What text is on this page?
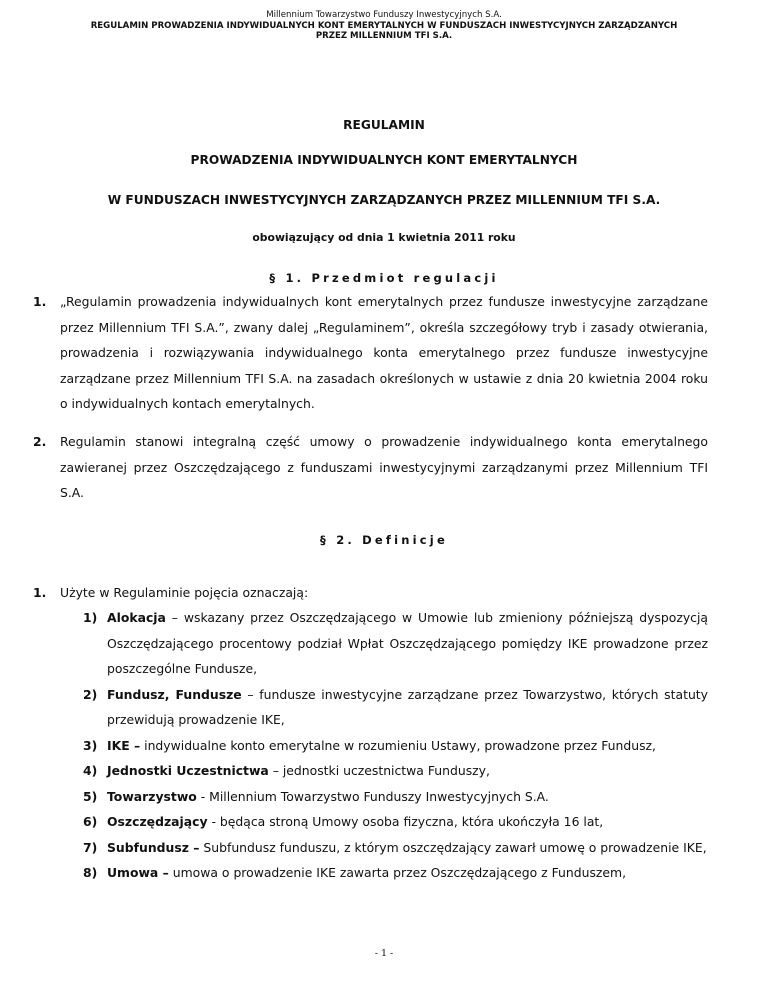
Millennium Towarzystwo Funduszy Inwestycyjnych S.A.
REGULAMIN PROWADZENIA INDYWIDUALNYCH KONT EMERYTALNYCH W FUNDUSZACH INWESTYCYJNYCH ZARZĄDZANYCH
PRZEZ MILLENNIUM TFI S.A.
REGULAMIN
PROWADZENIA INDYWIDUALNYCH KONT EMERYTALNYCH
W FUNDUSZACH INWESTYCYJNYCH ZARZĄDZANYCH PRZEZ MILLENNIUM TFI S.A.
obowiązujący od dnia 1 kwietnia 2011 roku
§ 1. Przedmiot regulacji
1. „Regulamin prowadzenia indywidualnych kont emerytalnych przez fundusze inwestycyjne zarządzane przez Millennium TFI S.A.”, zwany dalej „Regulaminem”, określa szczegółowy tryb i zasady otwierania, prowadzenia i rozwiązywania indywidualnego konta emerytalnego przez fundusze inwestycyjne zarządzane przez Millennium TFI S.A. na zasadach określonych w ustawie z dnia 20 kwietnia 2004 roku o indywidualnych kontach emerytalnych.
2. Regulamin stanowi integralną część umowy o prowadzenie indywidualnego konta emerytalnego zawieranej przez Oszczędzającego z funduszami inwestycyjnymi zarządzanymi przez Millennium TFI S.A.
§ 2. Definicje
1. Użyte w Regulaminie pojęcia oznaczają:
1) Alokacja – wskazany przez Oszczędzającego w Umowie lub zmieniony późniejszą dyspozycją Oszczędzającego procentowy podział Wpłat Oszczędzającego pomiędzy IKE prowadzone przez poszczególne Fundusze,
2) Fundusz, Fundusze – fundusze inwestycyjne zarządzane przez Towarzystwo, których statuty przewidują prowadzenie IKE,
3) IKE – indywidualne konto emerytalne w rozumieniu Ustawy, prowadzone przez Fundusz,
4) Jednostki Uczestnictwa – jednostki uczestnictwa Funduszy,
5) Towarzystwo - Millennium Towarzystwo Funduszy Inwestycyjnych S.A.
6) Oszczędzający - będąca stroną Umowy osoba fizyczna, która ukończyła 16 lat,
7) Subfundusz – Subfundusz funduszu, z którym oszczędzający zawarł umowę o prowadzenie IKE,
8) Umowa – umowa o prowadzenie IKE zawarta przez Oszczędzającego z Funduszem,
- 1 -
